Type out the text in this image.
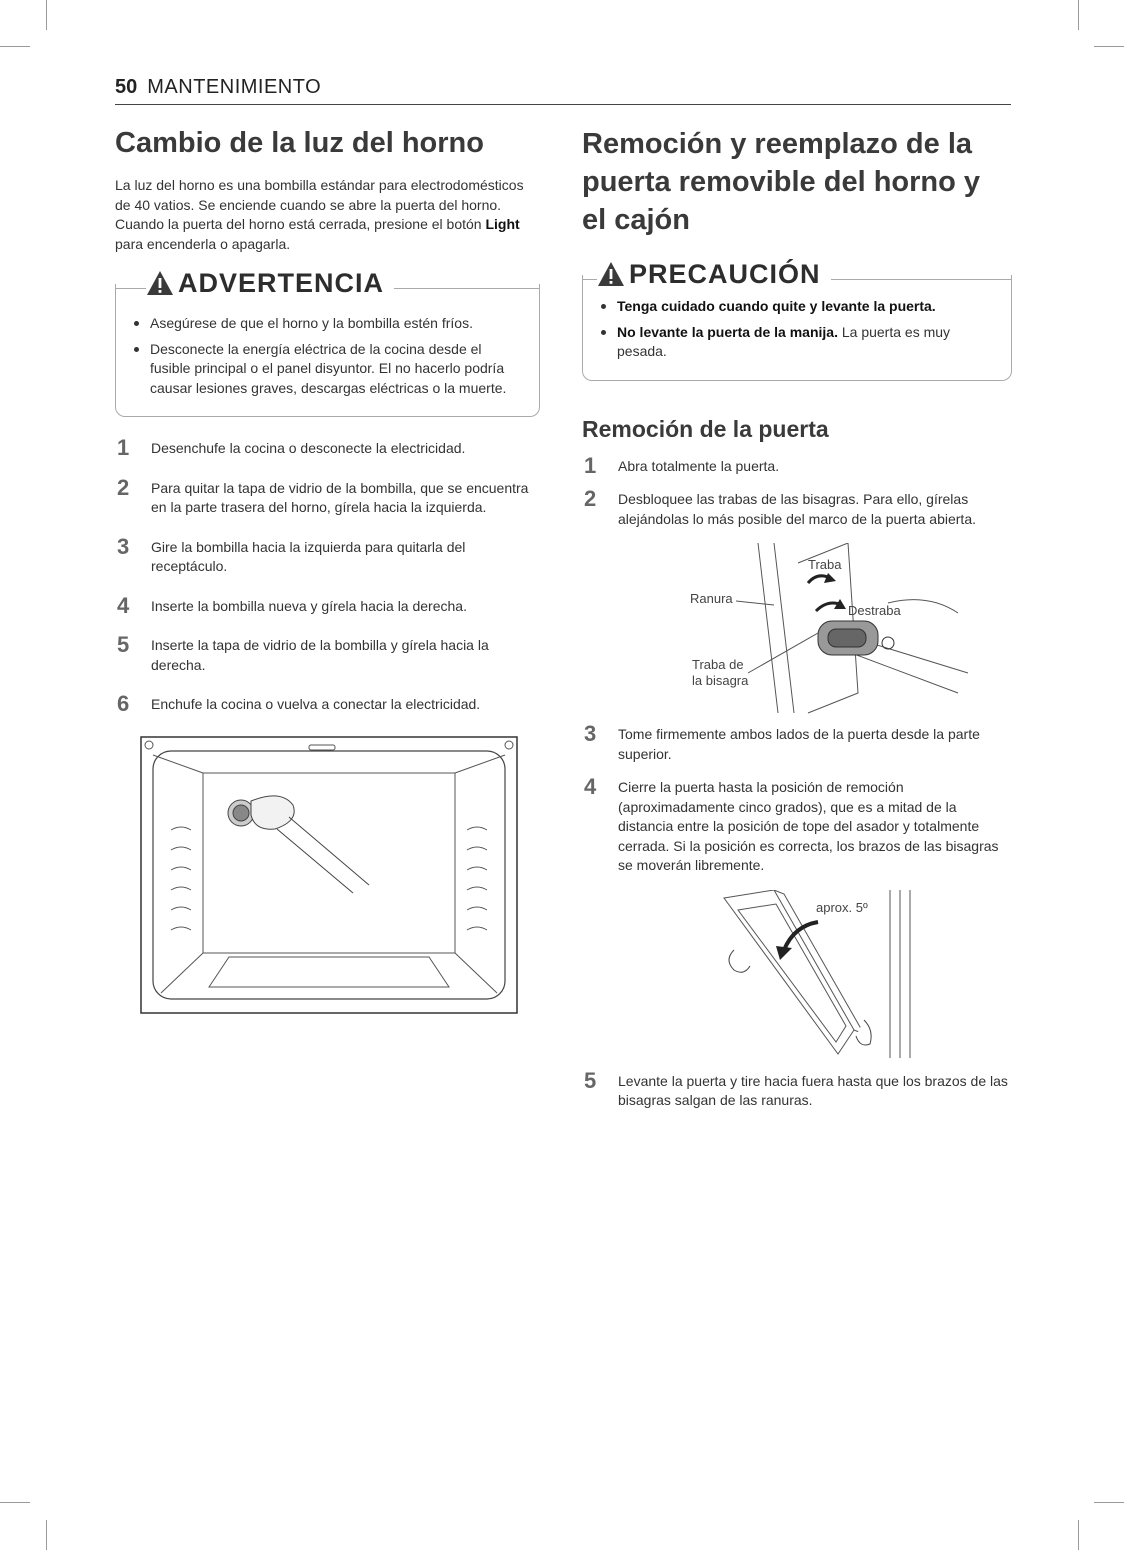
50 MANTENIMIENTO
Cambio de la luz del horno

La luz del horno es una bombilla estándar para electrodomésticos de 40 vatios. Se enciende cuando se abre la puerta del horno. Cuando la puerta del horno está cerrada, presione el botón Light para encenderla o apagarla.

ADVERTENCIA
Asegúrese de que el horno y la bombilla estén fríos.
Desconecte la energía eléctrica de la cocina desde el fusible principal o el panel disyuntor. El no hacerlo podría causar lesiones graves, descargas eléctricas o la muerte.
1 Desenchufe la cocina o desconecte la electricidad.
2 Para quitar la tapa de vidrio de la bombilla, que se encuentra en la parte trasera del horno, gírela hacia la izquierda.
3 Gire la bombilla hacia la izquierda para quitarla del receptáculo.
4 Inserte la bombilla nueva y gírela hacia la derecha.
5 Inserte la tapa de vidrio de la bombilla y gírela hacia la derecha.
6 Enchufe la cocina o vuelva a conectar la electricidad.
Remoción y reemplazo de la puerta removible del horno y el cajón
PRECAUCIÓN
Tenga cuidado cuando quite y levante la puerta.
No levante la puerta de la manija. La puerta es muy pesada.
Remoción de la puerta
1 Abra totalmente la puerta.
2 Desbloquee las trabas de las bisagras. Para ello, gírelas alejándolas lo más posible del marco de la puerta abierta.
Traba
Ranura
Destraba
Traba de
la bisagra
3 Tome firmemente ambos lados de la puerta desde la parte superior.
4 Cierre la puerta hasta la posición de remoción (aproximadamente cinco grados), que es a mitad de la distancia entre la posición de tope del asador y totalmente cerrada. Si la posición es correcta, los brazos de las bisagras se moverán libremente.
aprox. 5º
5 Levante la puerta y tire hacia fuera hasta que los brazos de las bisagras salgan de las ranuras.
